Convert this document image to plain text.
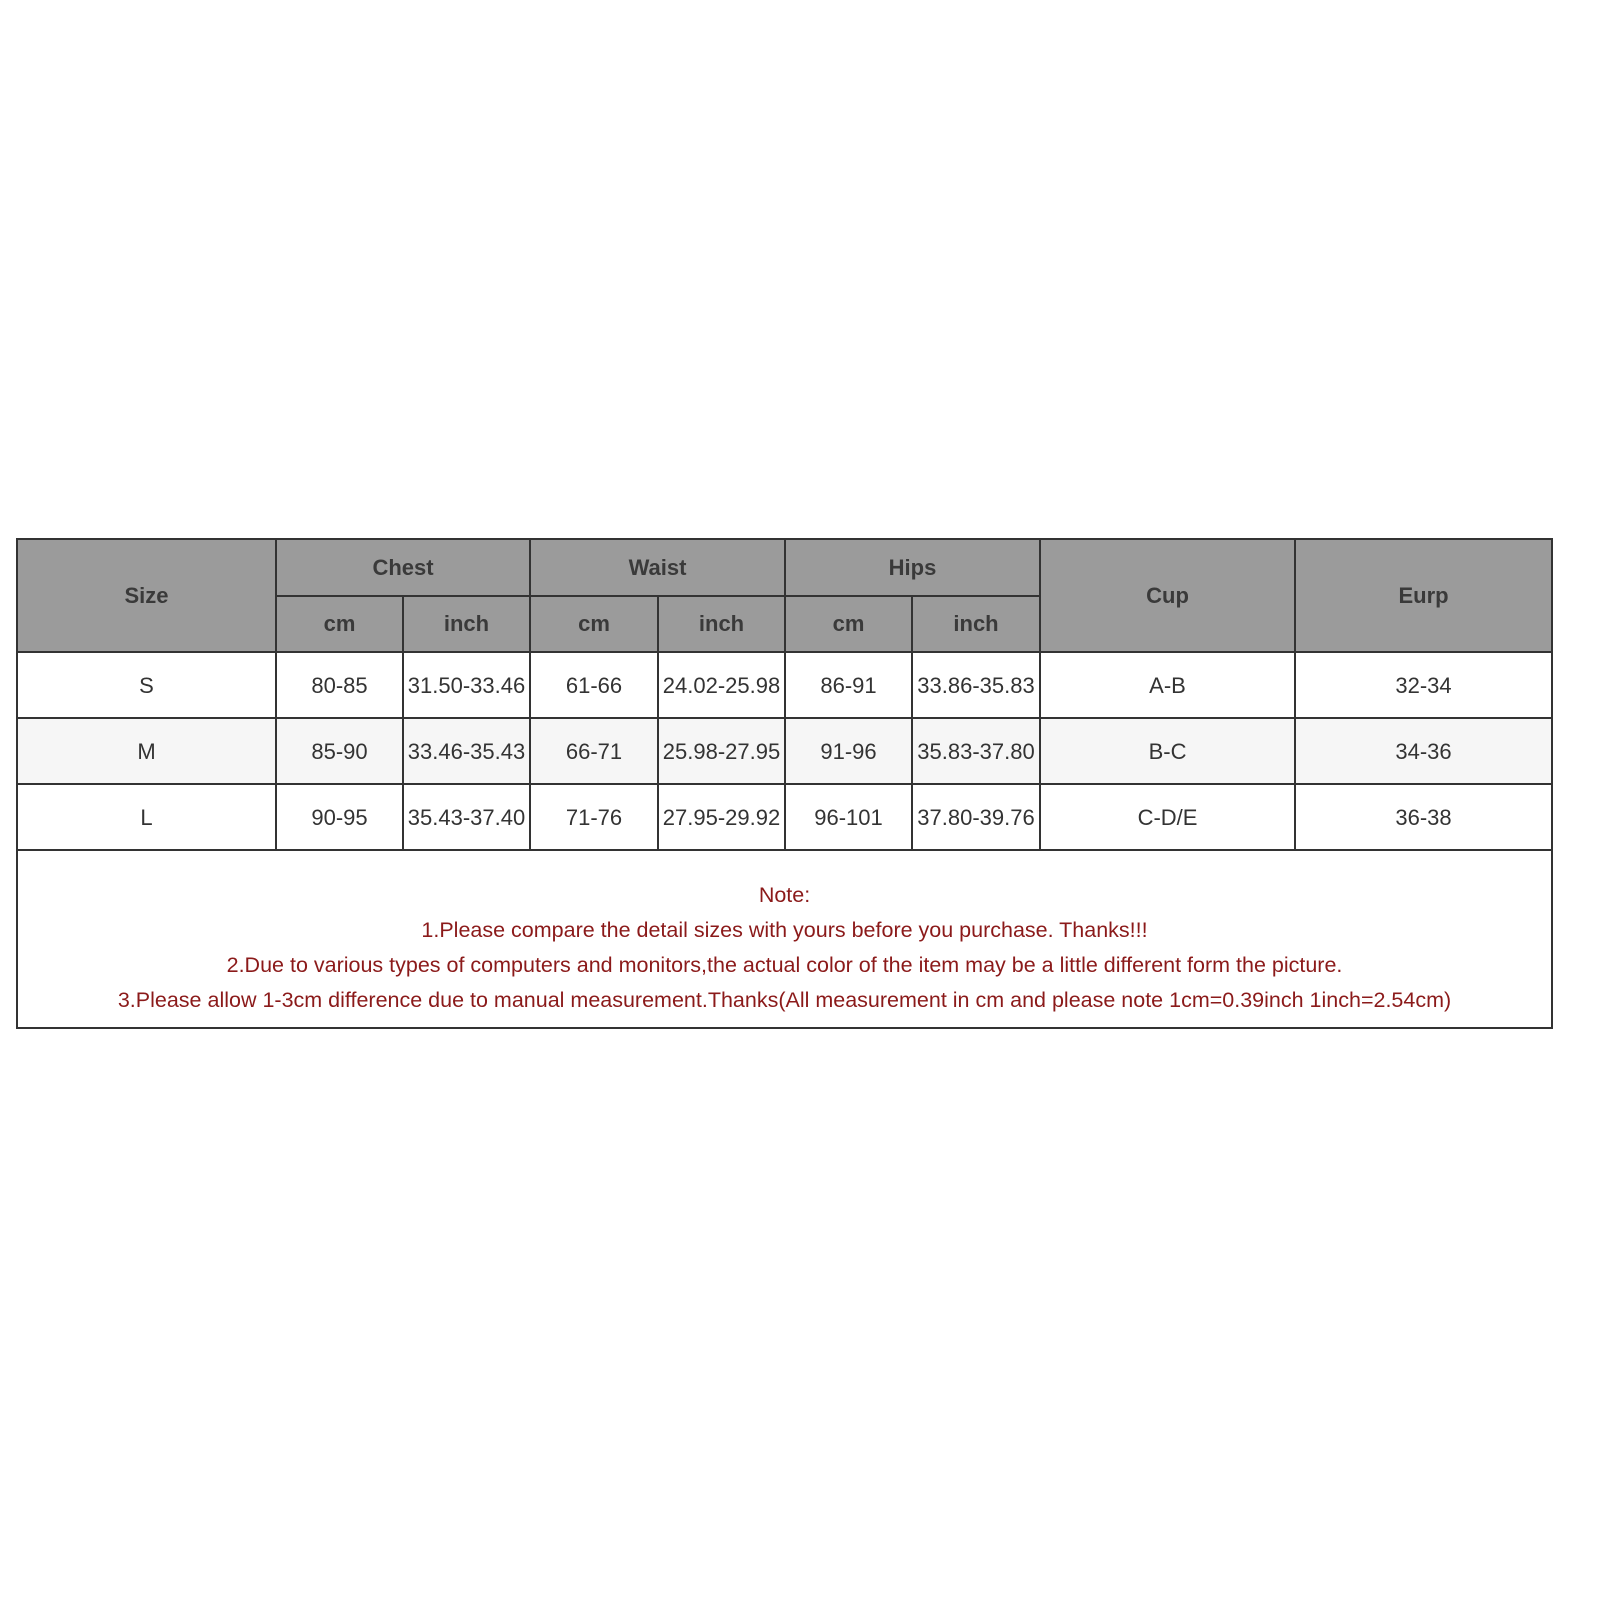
Size	Chest		Waist		Hips		Cup	Eurp
	cm	inch	cm	inch	cm	inch		
S	80-85	31.50-33.46	61-66	24.02-25.98	86-91	33.86-35.83	A-B	32-34
M	85-90	33.46-35.43	66-71	25.98-27.95	91-96	35.83-37.80	B-C	34-36
L	90-95	35.43-37.40	71-76	27.95-29.92	96-101	37.80-39.76	C-D/E	36-38

Note:

1.Please compare the detail sizes with yours before you purchase. Thanks!!!

2.Due to various types of computers and monitors,the actual color of the item may be a little different form the picture.

3.Please allow 1-3cm difference due to manual measurement.Thanks(All measurement in cm and please note 1cm=0.39inch 1inch=2.54cm)								
